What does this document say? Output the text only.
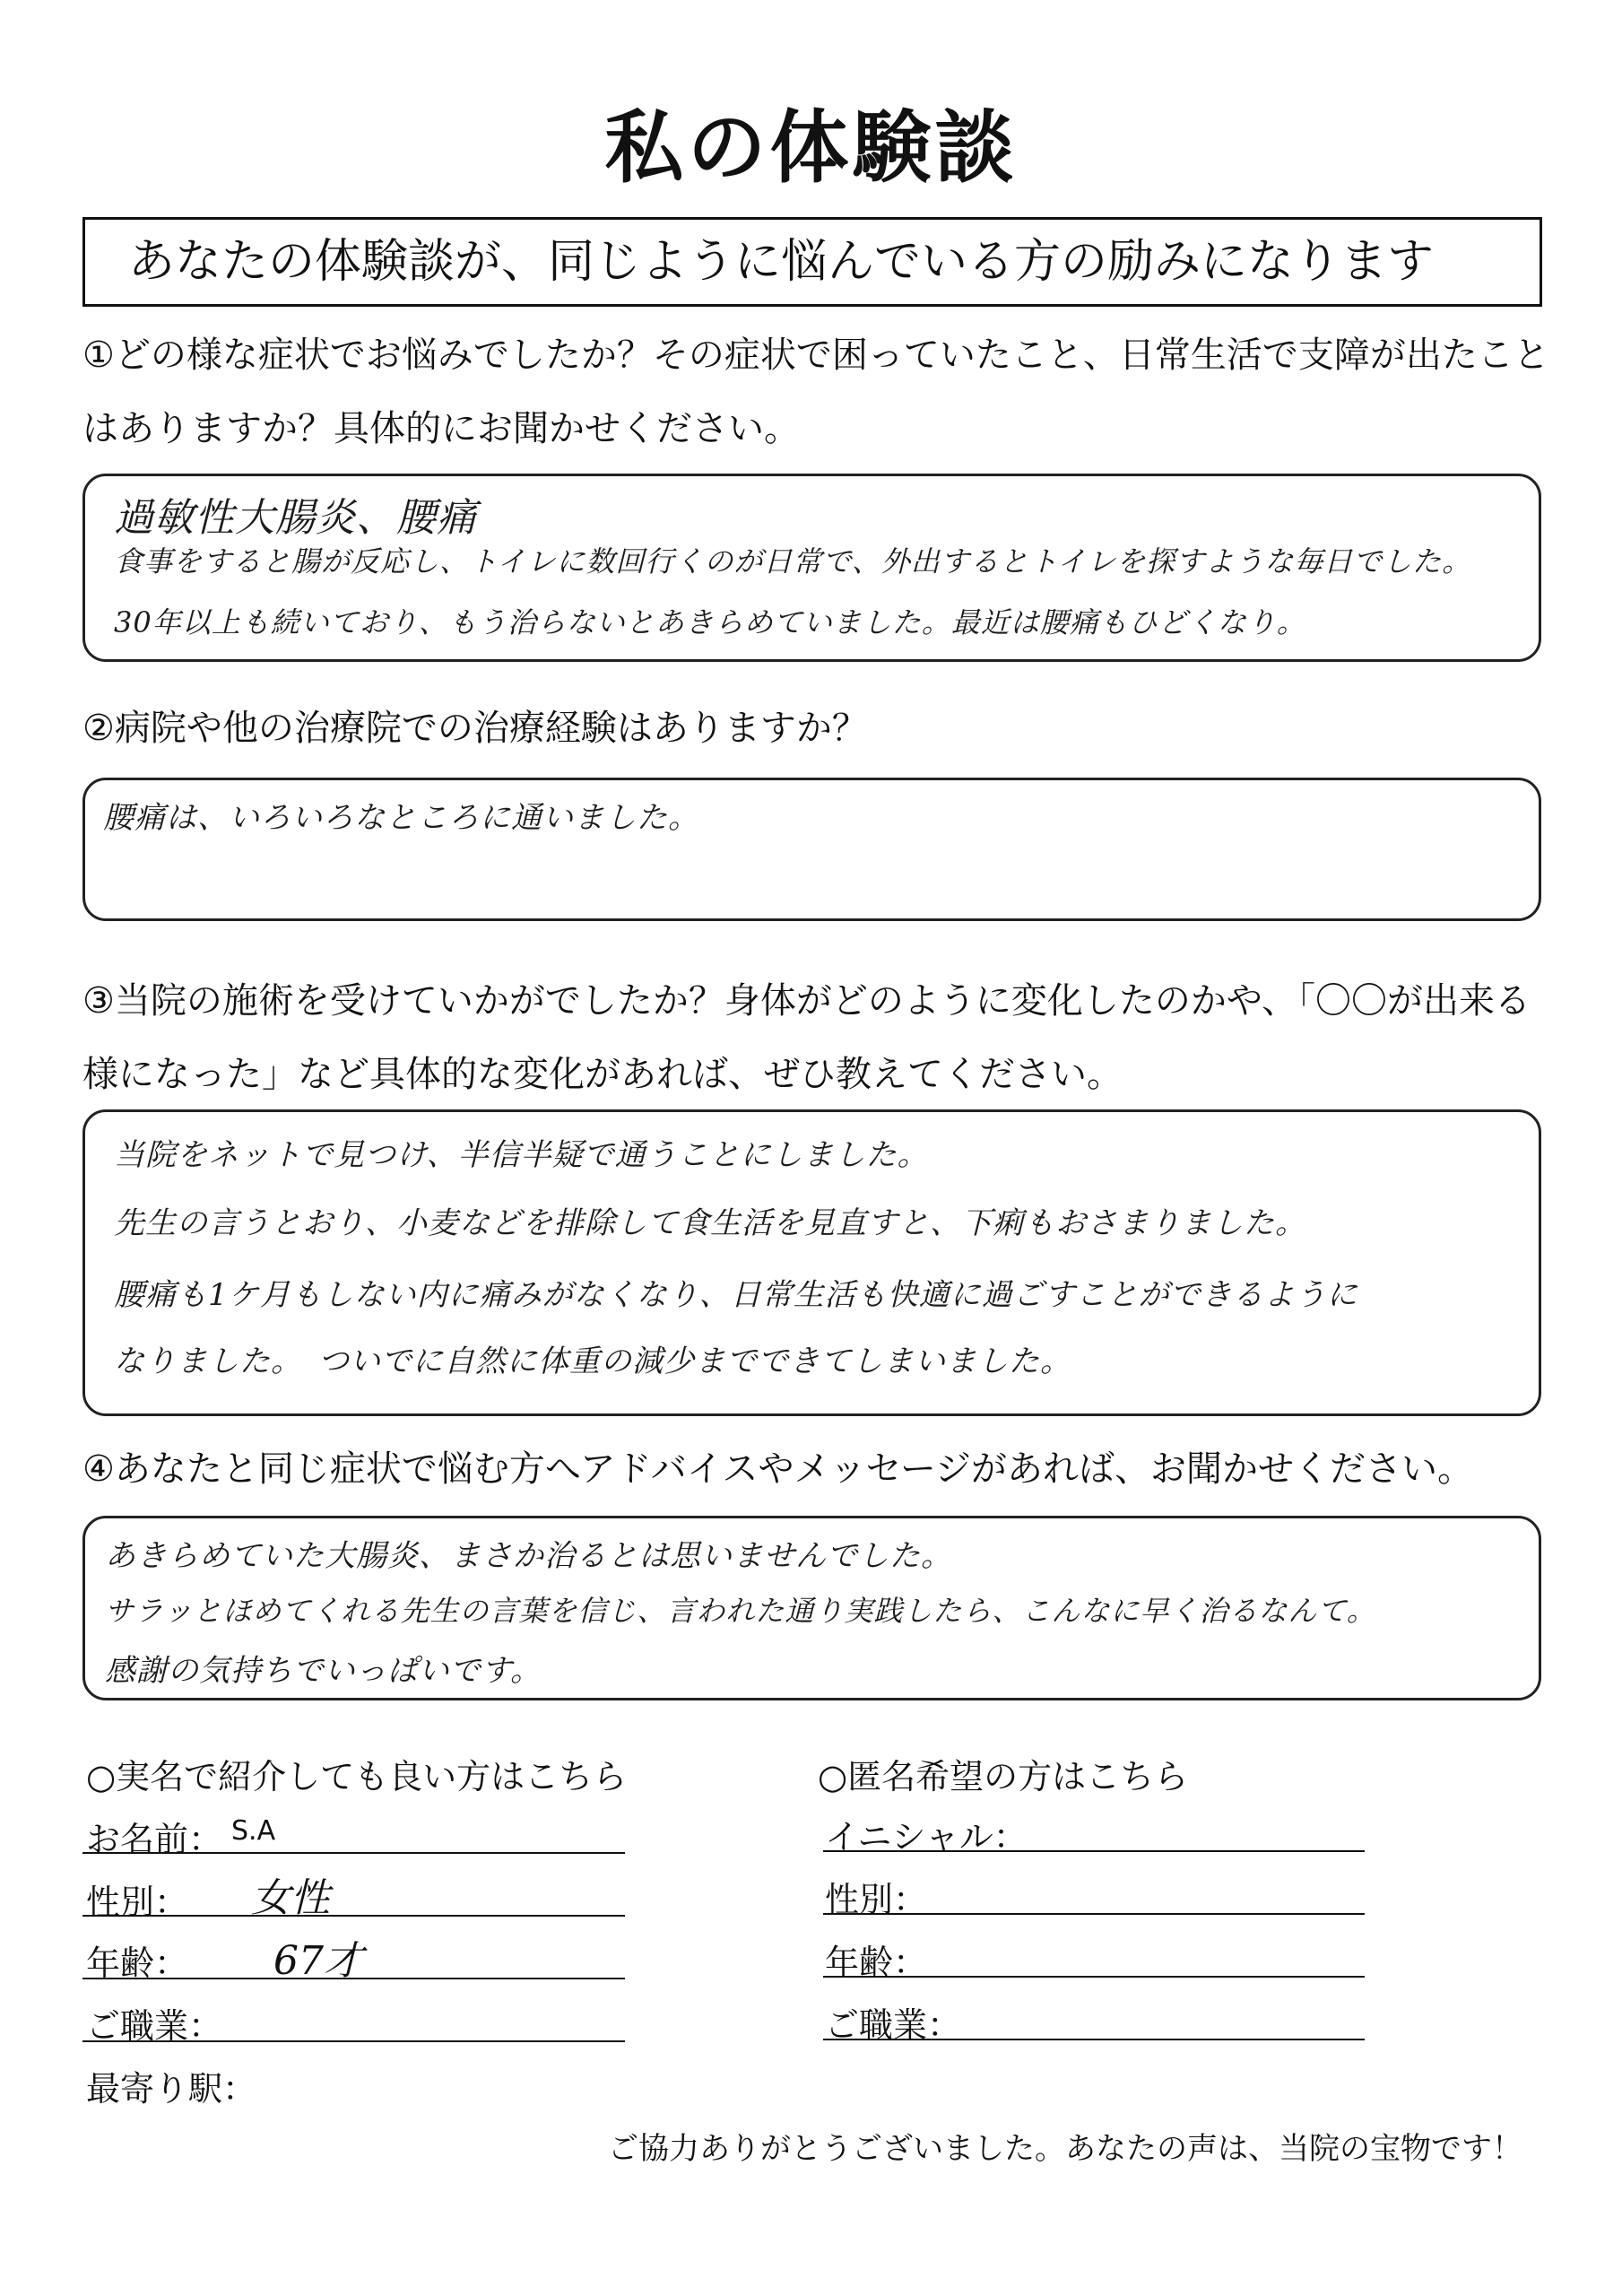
私の体験談
あなたの体験談が、同じように悩んでいる方の励みになります
①どの様な症状でお悩みでしたか？その症状で困っていたこと、日常生活で支障が出たこと
はありますか？具体的にお聞かせください。
過敏性大腸炎、腰痛
食事をすると腸が反応し、トイレに数回行くのが日常で、外出するとトイレを探すような毎日でした。
30年以上も続いており、もう治らないとあきらめていました。最近は腰痛もひどくなり。
②病院や他の治療院での治療経験はありますか？
腰痛は、いろいろなところに通いました。
③当院の施術を受けていかがでしたか？身体がどのように変化したのかや、「〇〇が出来る
様になった」など具体的な変化があれば、ぜひ教えてください。
当院をネットで見つけ、半信半疑で通うことにしました。
先生の言うとおり、小麦などを排除して食生活を見直すと、下痢もおさまりました。
腰痛も1ケ月もしない内に痛みがなくなり、日常生活も快適に過ごすことができるように
なりました。　ついでに自然に体重の減少までできてしまいました。
④あなたと同じ症状で悩む方へアドバイスやメッセージがあれば、お聞かせください。
あきらめていた大腸炎、まさか治るとは思いませんでした。
サラッとほめてくれる先生の言葉を信じ、言われた通り実践したら、こんなに早く治るなんて。
感謝の気持ちでいっぱいです。
○実名で紹介しても良い方はこちら
お名前： S.A
性別： 女性
年齢： 67才
ご職業：
最寄り駅：
○匿名希望の方はこちら
イニシャル：
性別：
年齢：
ご職業：
ご協力ありがとうございました。あなたの声は、当院の宝物です！
